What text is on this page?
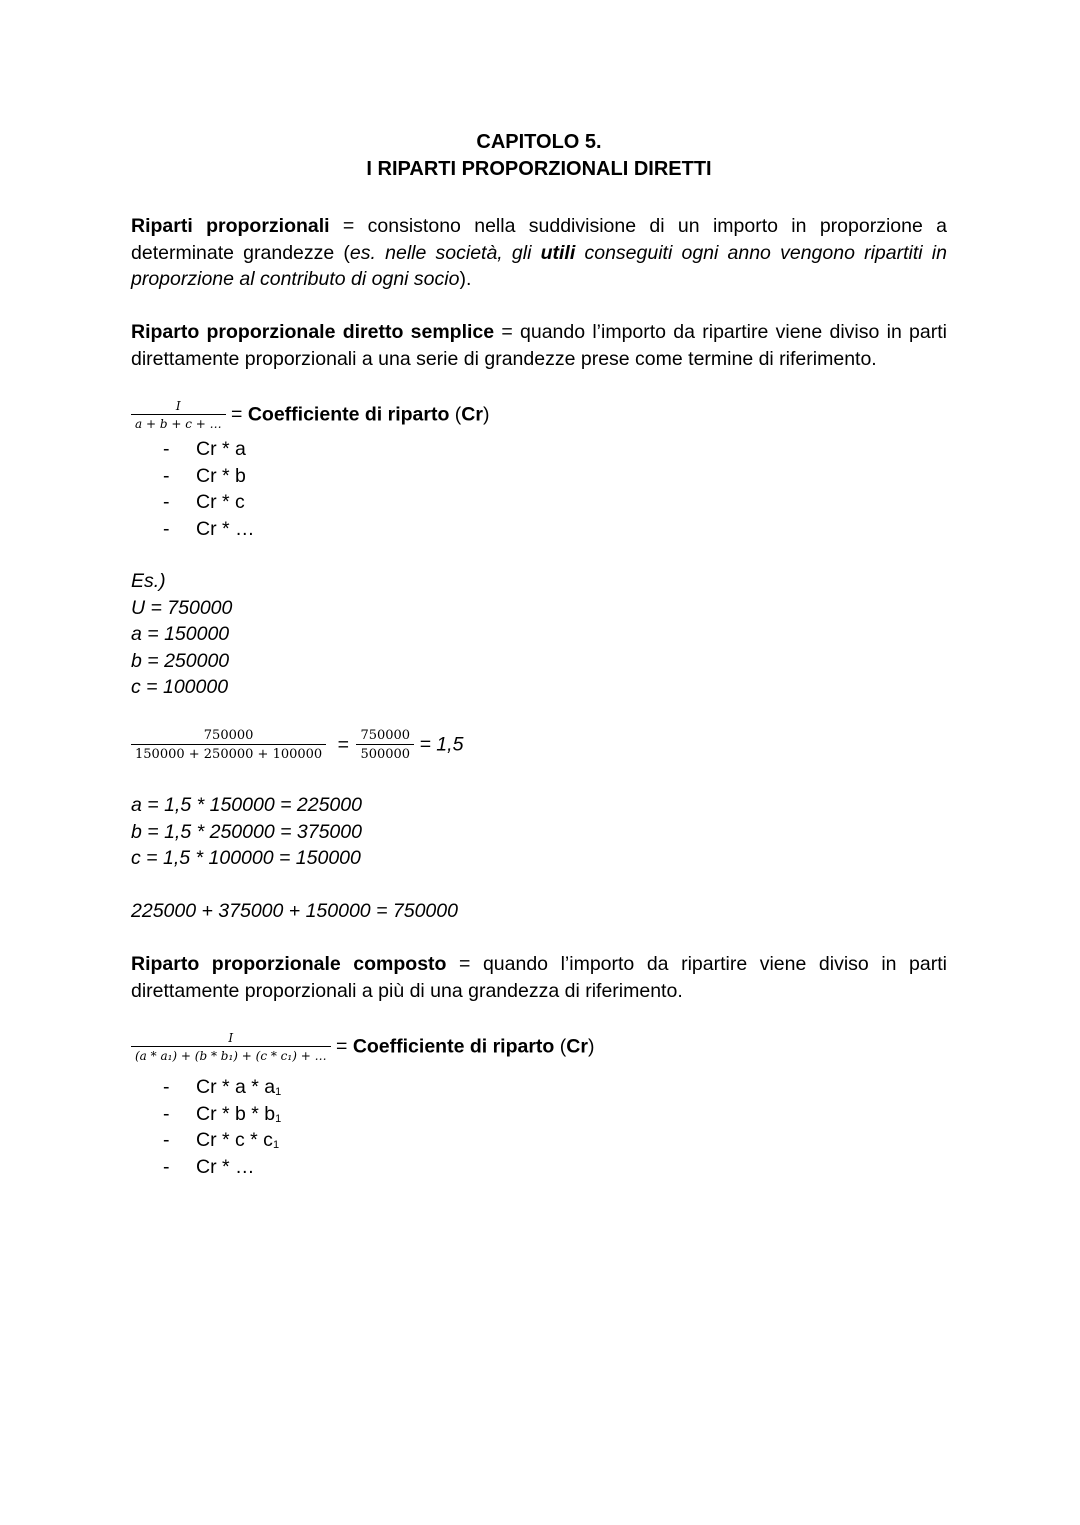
CAPITOLO 5.
I RIPARTI PROPORZIONALI DIRETTI
Riparti proporzionali = consistono nella suddivisione di un importo in proporzione a determinate grandezze (es. nelle società, gli utili conseguiti ogni anno vengono ripartiti in proporzione al contributo di ogni socio).
Riparto proporzionale diretto semplice = quando l’importo da ripartire viene diviso in parti direttamente proporzionali a una serie di grandezze prese come termine di riferimento.
$\frac{I}{a + b + c + \dots}$ = Coefficiente di riparto (Cr)
- Cr * a
- Cr * b
- Cr * c
- Cr * …
Es.)
U = 750000
a = 150000
b = 250000
c = 100000
$\frac{750000}{150000 + 250000 + 100000} = \frac{750000}{500000} = 1,5$
a = 1,5 * 150000 = 225000
b = 1,5 * 250000 = 375000
c = 1,5 * 100000 = 150000
225000 + 375000 + 150000 = 750000
Riparto proporzionale composto = quando l’importo da ripartire viene diviso in parti direttamente proporzionali a più di una grandezza di riferimento.
$\frac{I}{\text{(a * a₁) + (b * b₁) + (c * c₁) + …}}$ = Coefficiente di riparto (Cr)
- Cr * a * a1
- Cr * b * b1
- Cr * c * c1
- Cr * …
